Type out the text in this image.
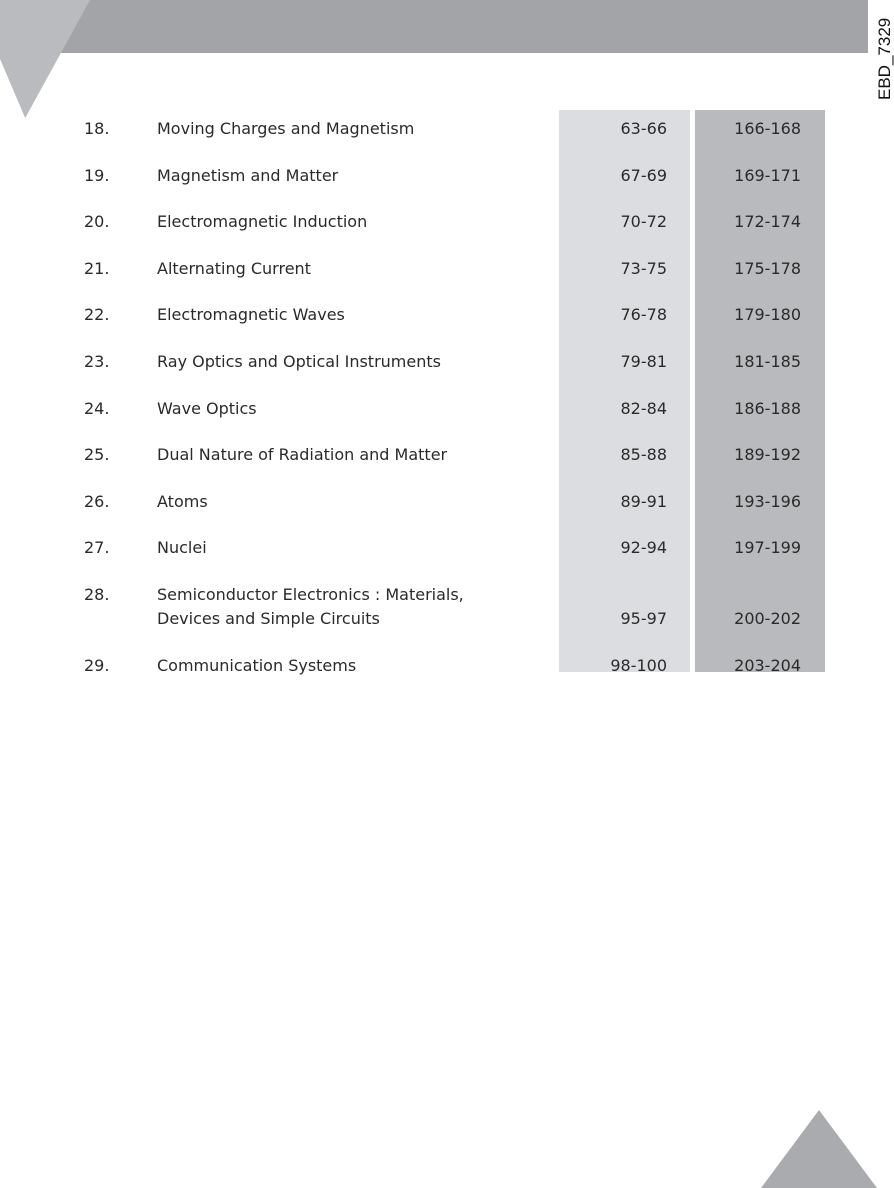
EBD_7329
18.	Moving Charges and Magnetism	63-66	166-168
19.	Magnetism and Matter	67-69	169-171
20.	Electromagnetic Induction	70-72	172-174
21.	Alternating Current	73-75	175-178
22.	Electromagnetic Waves	76-78	179-180
23.	Ray Optics and Optical Instruments	79-81	181-185
24.	Wave Optics	82-84	186-188
25.	Dual Nature of Radiation and Matter	85-88	189-192
26.	Atoms	89-91	193-196
27.	Nuclei	92-94	197-199
28.	Semiconductor Electronics : Materials,
Devices and Simple Circuits	95-97	200-202
29.	Communication Systems	98-100	203-204
